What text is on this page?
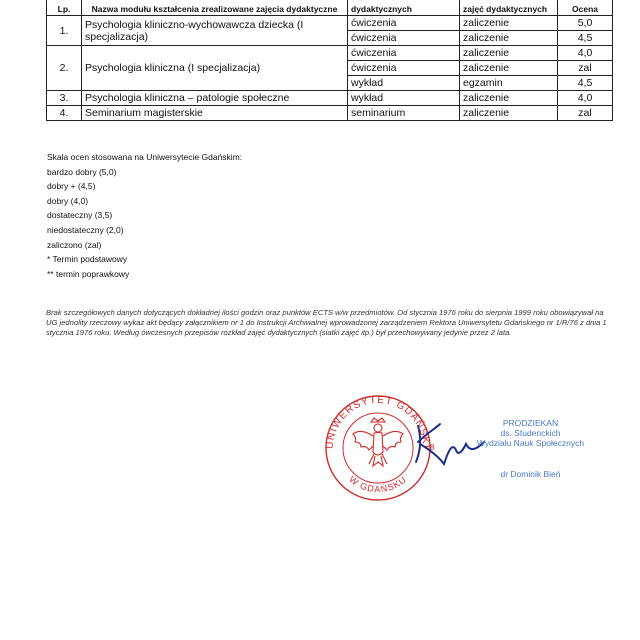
Lp.	Nazwa modułu kształcenia zrealizowane zajęcia dydaktyczne	dydaktycznych	zajęć dydaktycznych	Ocena
1.	Psychologia kliniczno-wychowawcza dziecka (I specjalizacja)	ćwiczenia	zaliczenie	5,0
		ćwiczenia	zaliczenie	4,5
2.	Psychologia kliniczna (I specjalizacja)	ćwiczenia	zaliczenie	4,0
		ćwiczenia	zaliczenie	zal
		wykład	egzamin	4,5
3.	Psychologia kliniczna – patologie społeczne	wykład	zaliczenie	4,0
4.	Seminarium magisterskie	seminarium	zaliczenie	zal
Skala ocen stosowana na Uniwersytecie Gdańskim:
bardzo dobry (5,0)
dobry + (4,5)
dobry (4,0)
dostateczny (3,5)
niedostateczny (2,0)
zaliczono (zal)
* Termin podstawowy
** termin poprawkowy
Brak szczegółowych danych dotyczących dokładnej ilości godzin oraz punktów ECTS w/w przedmiotów. Od stycznia 1976 roku do sierpnia 1999 roku obowiązywał na UG jednolity rzeczowy wykaz akt będący załącznikiem nr 1 do Instrukcji Archiwalnej wprowadzonej zarządzeniem Rektora Uniwersytetu Gdańskiego nr 1/R/76 z dnia 1 stycznia 1976 roku. Według ówczesnych przepisów rozkład zajęć dydaktycznych (siatki zajęć itp.) był przechowywany jedynie przez 2 lata.
UNIWERSYTET GDAŃSKI
W GDAŃSKU
8
PRODZIEKAN
ds. Studenckich
Wydziału Nauk Społecznych
dr Dominik Bień
